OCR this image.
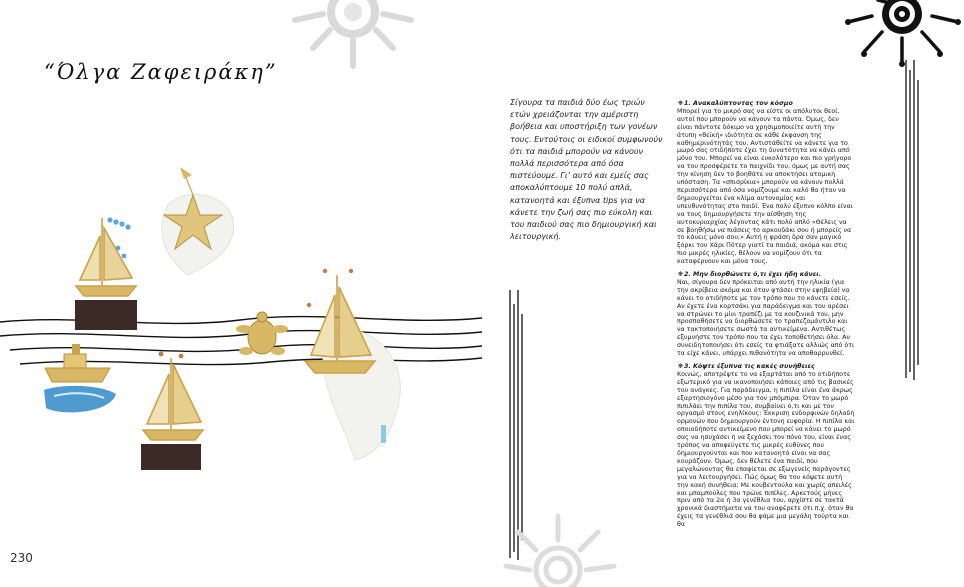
“Όλγα Ζαφειράκη”
230
Σίγουρα τα παιδιά δύο έως τριών ετών χρειάζονται την αμέριστη βοήθεια και υποστήριξη των γονέων τους. Εντούτοις οι ειδικοί συμφωνούν ότι τα παιδιά μπορούν να κάνουν πολλά περισσότερα από όσα πιστεύουμε. Γι’ αυτό και εμείς σας αποκαλύπτουμε 10 πολύ απλά, κατανοητά και έξυπνα tips για να κάνετε την ζωή σας πιο εύκολη και του παιδιού σας πιο δημιουργική και λειτουργική.

❋1. Ανακαλύπτοντας τον κόσμο

Μπορεί για το μικρό σας να είστε οι απόλυτοι θεοί, αυτοί που μπορούν να κάνουν τα πάντα. Όμως, δεν είναι πάντοτε δόκιμο να χρησιμοποιείτε αυτή την άτυπη «θεϊκή» ιδιότητα σε κάθε έκφανση της καθημερινότητάς του. Αντιστάθείτε να κάνετε για το μωρό σας οτιδήποτε έχει τη δυνατότητα να κάνει από μόνο του. Μπορεί να είναι ευκολότερο και πιο γρήγορο να του προσφέρετε το παιχνίδι του, όμως με αυτή σας την κίνηση δεν το βοηθάτε να αποκτήσει ατομική υπόσταση. Τα «σπισρίκια» μπορούν να κάνουν πολλά περισσότερα από όσα νομίζουμε και καλό θα ήταν να δημιουργείται ένα κλίμα αυτονομίας και υπευθυνότητας στο παιδί. Ένα πολύ έξυπνο κόλπο είναι να τους δημιουργήσετε την αίσθηση της αυτοκυριαρχίας λέγοντας κάτι πολύ απλό «Θέλεις να σε βοηθήσω να πιάσεις το αρκουδάκι σου ή μπορείς να το κάνεις μόνο σου;» Αυτή η φράση δρα σαν μαγικό ξόρκι του Χάρι Πότερ γιατί τα παιδιά, ακόμα και στις πιο μικρές ηλικίες, θέλουν να νομίζουν ότι τα καταφέρνουν και μόνα τους.

❋2. Μην διορθώνετε ό,τι έχει ήδη κάνει.

Ναι, σίγουρα δεν πρόκειται από αυτή την ηλικία (για την ακρίβεια ακόμα και όταν φτάσει στην εφηβεία) να κάνει το οτιδήποτε με τον τρόπο που το κάνετε εσείς. Αν έχετε ένα κορτσάκι για παράδειγμα και του αρέσει να στρώνει το μίνι τραπέζι με τα κουζινικά του, μην προσπαθήσετε να διορθώσετε το τραπεζομάντιλο και να τακτοποιήσετε σωστά τα αντικείμενα. Αντιθέτως εξυμνήστε τον τρόπο που τα έχει τοποθετήσει όλα. Αν συνειδητοποιήσει ότι εσείς τα φτιάξατε αλλιώς από ότι τα είχε κάνει, υπάρχει πιθανότητα να αποθαρρυνθεί.

❋3. Κόψτε έξυπνα τις κακές συνήθειες

Κοινώς, αποτρέψτε το να εξαρτάται από το οτιδήποτε εξωτερικό για να ικανοποιήσει κάποιες από τις βασικές του ανάγκες. Για παράδειγμα, η πιπίλα είναι ένα άκρως εξαρτησιογόνο μέσο για τον μπόμπιρα. Όταν το μωρό πιπιλάει την πιπίλα του, συμβαίνει ό,τι και με τον οργασμό στους ενηλίκους: Έκκριση ενδορφινών δηλαδή ορμονών που δημιουργούν έντονη ευφορία. Η πιπίλα και οποιοδήποτε αντικείμενο που μπορεί να κάνει το μωρό σας να ησυχάσει ή να ξεχάσει τον πόνο του, είναι ένας τρόπος να αποφεύγετε τις μικρές ευθύνες που δημιουργούνται και που κατανοητό είναι να σας κουράζουν. Όμως, δεν θέλετε ένα παιδί, που μεγαλώνοντας θα επαφίεται σε εξωγενείς παράγοντες για να λειτουργήσει. Πώς όμως θα του κόψετε αυτή την κακή συνήθεια; Με κουβεντούλα και χωρίς απειλές και μπαμπούλες που τρώνε πιπίλες. Αρκετούς μήνες πριν από τα 2α ή 3α γενέθλια του, αρχίστε σε τακτά χρονικά διαστήματα να του αναφέρετε ότι π.χ. όταν θα έχεις τα γενέθλιά σου θα φάμε μια μεγάλη τούρτα και θα
